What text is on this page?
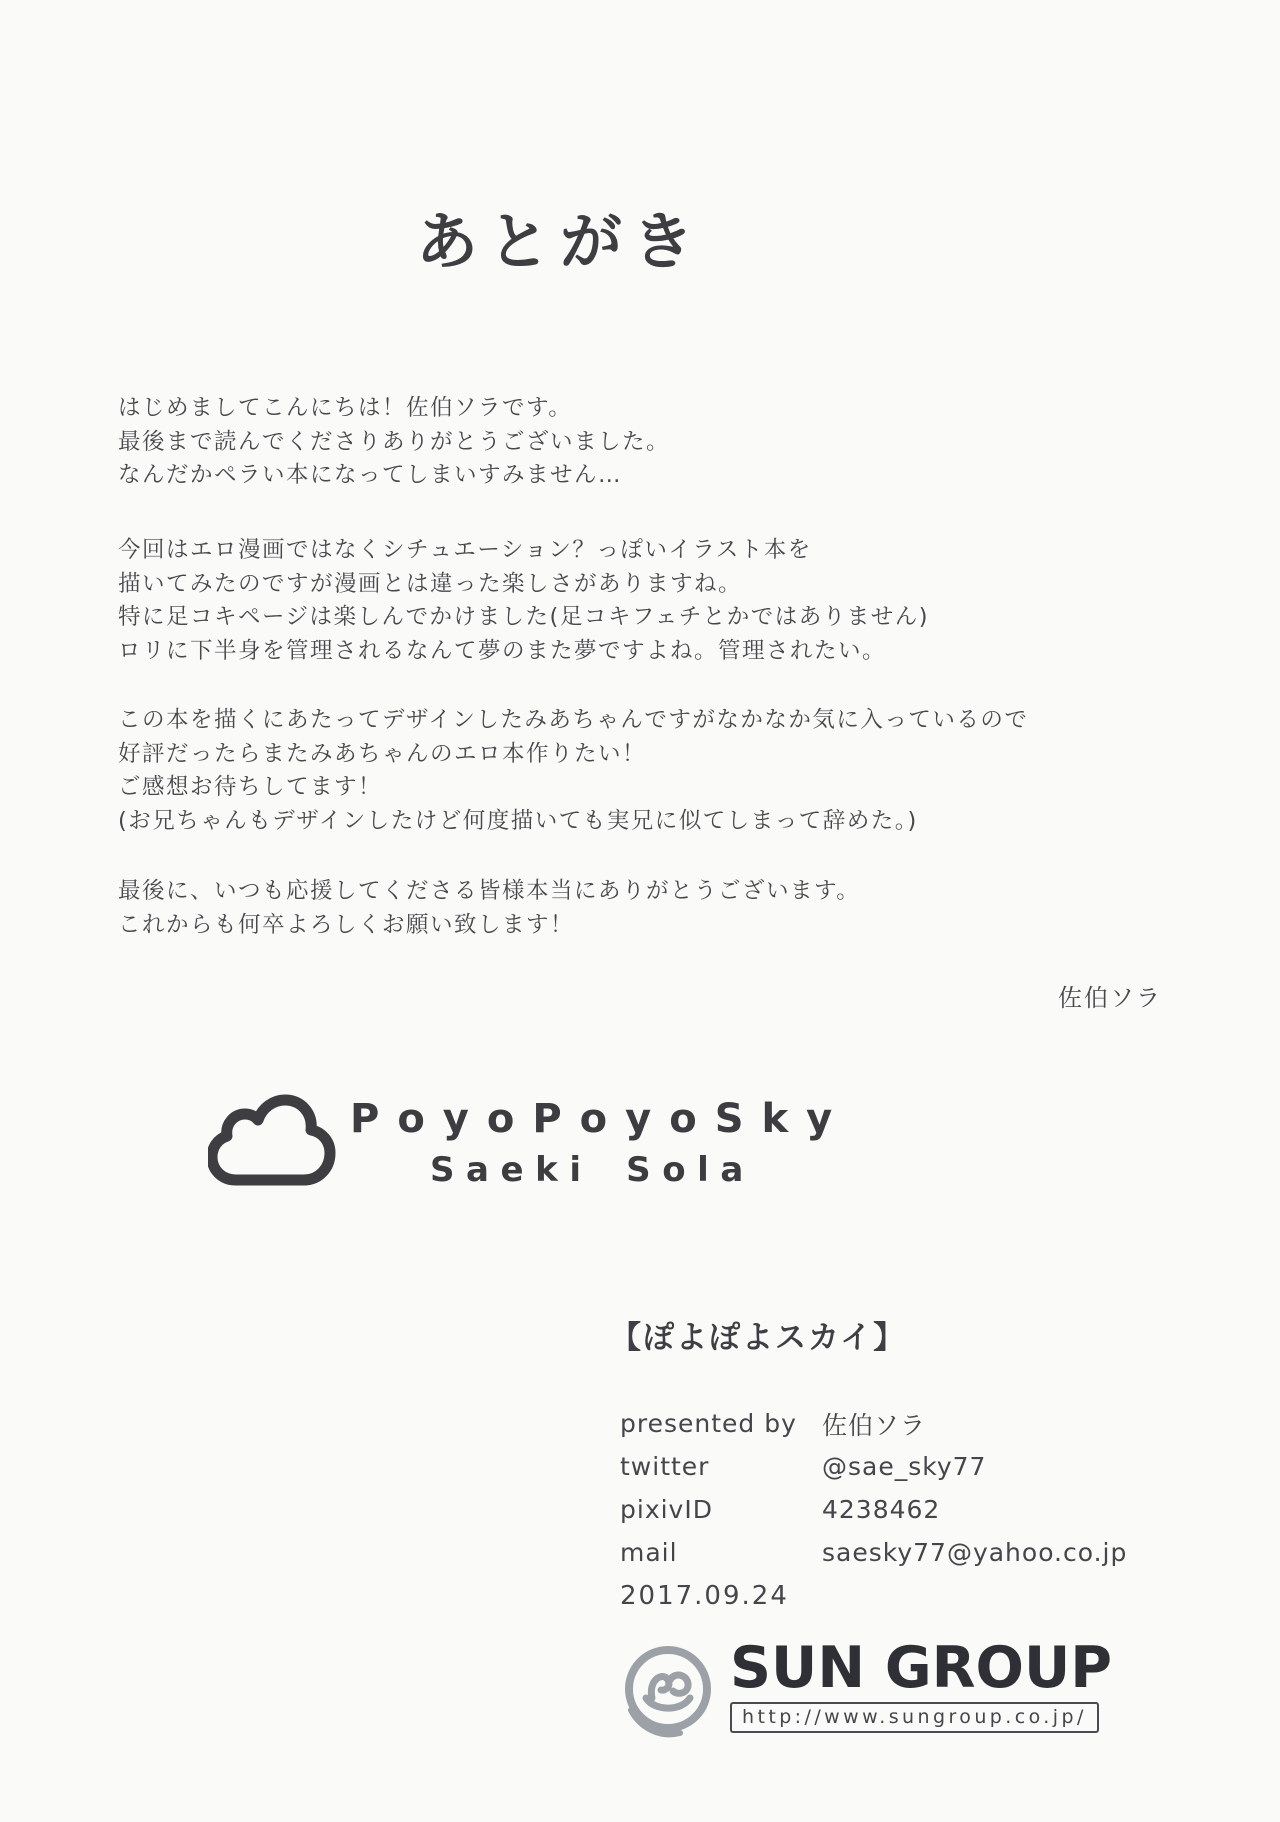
あとがき

はじめましてこんにちは！佐伯ソラです。
最後まで読んでくださりありがとうございました。
なんだかペラい本になってしまいすみません…

今回はエロ漫画ではなくシチュエーション？っぽいイラスト本を
描いてみたのですが漫画とは違った楽しさがありますね。
特に足コキページは楽しんでかけました(足コキフェチとかではありません)
ロリに下半身を管理されるなんて夢のまた夢ですよね。管理されたい。

この本を描くにあたってデザインしたみあちゃんですがなかなか気に入っているので
好評だったらまたみあちゃんのエロ本作りたい！
ご感想お待ちしてます！
(お兄ちゃんもデザインしたけど何度描いても実兄に似てしまって辞めた。)

最後に、いつも応援してくださる皆様本当にありがとうございます。
これからも何卒よろしくお願い致します！

佐伯ソラ
PoyoPoyoSky
Saeki Sola
【ぽよぽよスカイ】
presented by	佐伯ソラ
twitter	@sae_sky77
pixivID	4238462
mail	saesky77@yahoo.co.jp
2017.09.24
SUN GROUP
http://www.sungroup.co.jp/
